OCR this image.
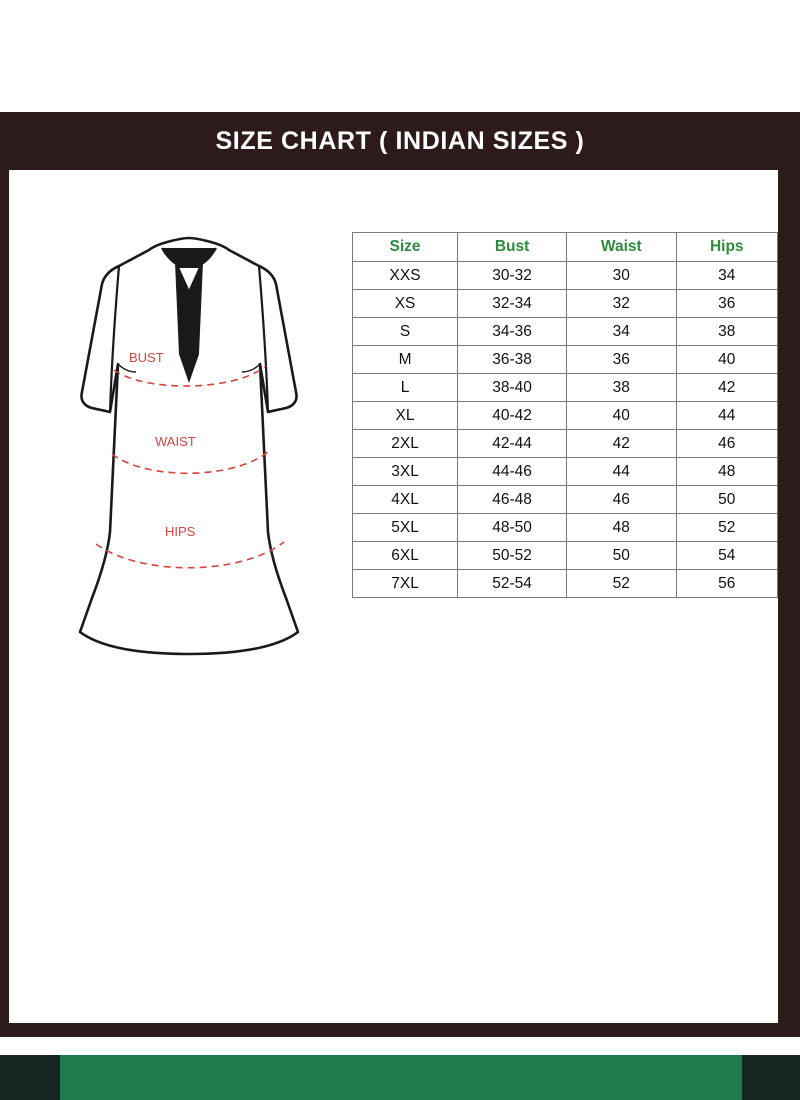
SIZE CHART ( INDIAN SIZES )
BUST
WAIST
HIPS
Size	Bust	Waist	Hips
XXS	30-32	30	34
XS	32-34	32	36
S	34-36	34	38
M	36-38	36	40
L	38-40	38	42
XL	40-42	40	44
2XL	42-44	42	46
3XL	44-46	44	48
4XL	46-48	46	50
5XL	48-50	48	52
6XL	50-52	50	54
7XL	52-54	52	56
